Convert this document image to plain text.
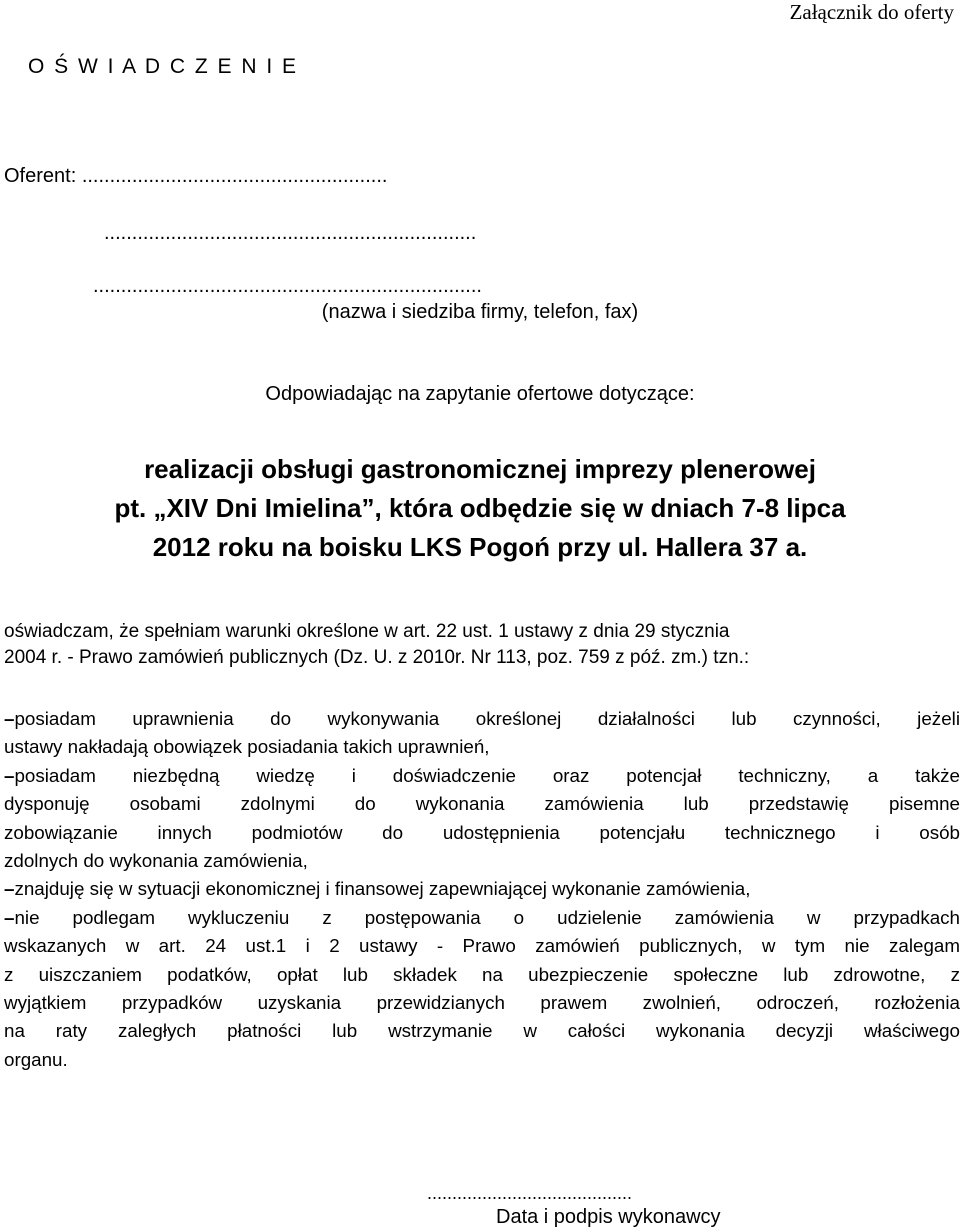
Załącznik do oferty
O Ś W I A D C Z E N I E
Oferent: .......................................................
...................................................................
......................................................................
(nazwa i siedziba firmy, telefon, fax)
Odpowiadając na zapytanie ofertowe dotyczące:
realizacji obsługi gastronomicznej imprezy plenerowej
pt. „XIV Dni Imielina”, która odbędzie się w dniach 7-8 lipca
2012 roku na boisku LKS Pogoń przy ul. Hallera 37 a.
oświadczam, że spełniam warunki określone w art. 22 ust. 1 ustawy z dnia 29 stycznia
2004 r. - Prawo zamówień publicznych (Dz. U. z 2010r. Nr 113, poz. 759 z póź. zm.) tzn.:
–posiadam uprawnienia do wykonywania określonej działalności lub czynności, jeżeli
ustawy nakładają obowiązek posiadania takich uprawnień,
–posiadam niezbędną wiedzę i doświadczenie oraz potencjał techniczny, a także
dysponuję osobami zdolnymi do wykonania zamówienia lub przedstawię pisemne
zobowiązanie innych podmiotów do udostępnienia potencjału technicznego i osób
zdolnych do wykonania zamówienia,
–znajduję się w sytuacji ekonomicznej i finansowej zapewniającej wykonanie zamówienia,
–nie podlegam wykluczeniu z postępowania o udzielenie zamówienia w przypadkach
wskazanych w art. 24 ust.1 i 2 ustawy - Prawo zamówień publicznych, w tym nie zalegam
z uiszczaniem podatków, opłat lub składek na ubezpieczenie społeczne lub zdrowotne, z
wyjątkiem przypadków uzyskania przewidzianych prawem zwolnień, odroczeń, rozłożenia
na raty zaległych płatności lub wstrzymanie w całości wykonania decyzji właściwego
organu.
.........................................
Data i podpis wykonawcy
